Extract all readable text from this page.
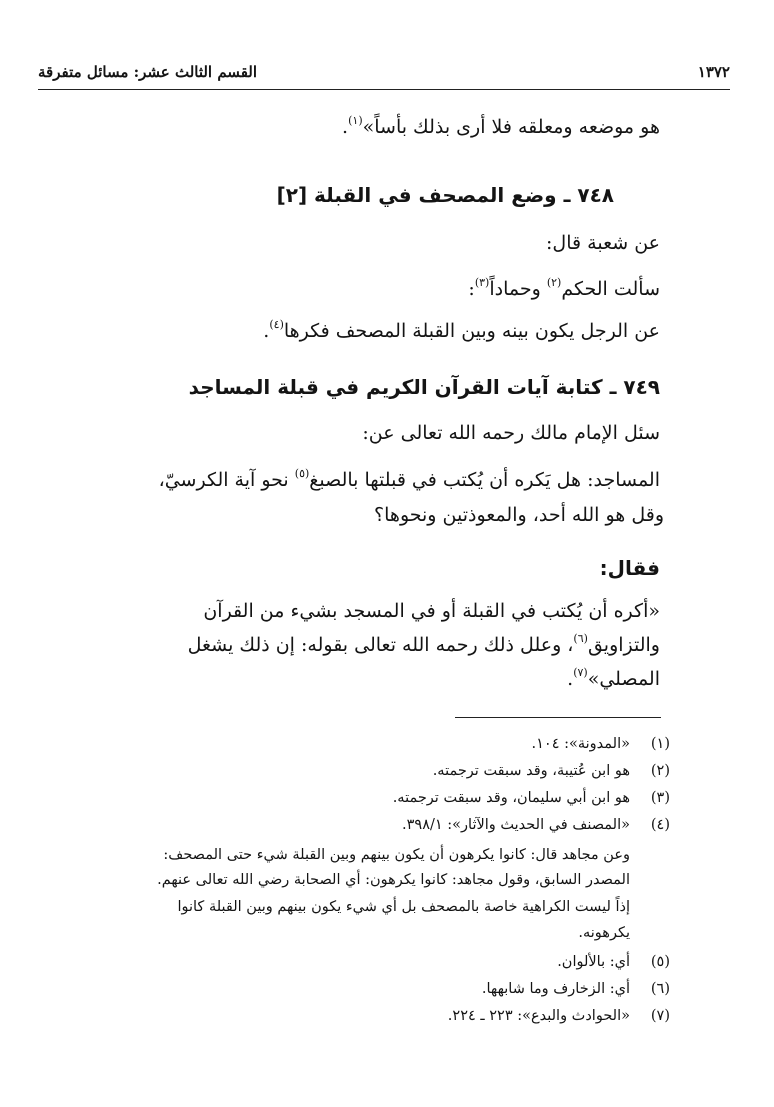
١٣٧٢
القسم الثالث عشر: مسائل متفرقة
هو موضعه ومعلقه فلا أرى بذلك بأساً»$^{(١)}$.
٧٤٨ ـ وضع المصحف في القبلة [٢]
عن شعبة قال:
سألت الحكم$^{(٢)}$ وحماداً$^{(٣)}$:
عن الرجل يكون بينه وبين القبلة المصحف فكرها$^{(٤)}$.
٧٤٩ ـ كتابة آيات القرآن الكريم في قبلة المساجد
سئل الإمام مالك رحمه الله تعالى عن:
المساجد: هل يَكره أن يُكتب في قبلتها بالصبغ$^{(٥)}$ نحو آية الكرسيّ،
وقل هو الله أحد، والمعوذتين ونحوها؟
فقال:
«أكره أن يُكتب في القبلة أو في المسجد بشيء من القرآن
والتزاويق$^{(٦)}$، وعلل ذلك رحمه الله تعالى بقوله: إن ذلك يشغل
المصلي»$^{(٧)}$.
(١)
«المدونة»: ١٠٤.
(٢)
هو ابن عُتيبة، وقد سبقت ترجمته.
(٣)
هو ابن أبي سليمان، وقد سبقت ترجمته.
(٤)
«المصنف في الحديث والآثار»: ٣٩٨/١.
وعن مجاهد قال: كانوا يكرهون أن يكون بينهم وبين القبلة شيء حتى المصحف:
المصدر السابق، وقول مجاهد: كانوا يكرهون: أي الصحابة رضي الله تعالى عنهم.
إذاً ليست الكراهية خاصة بالمصحف بل أي شيء يكون بينهم وبين القبلة كانوا
يكرهونه.
(٥)
أي: بالألوان.
(٦)
أي: الزخارف وما شابهها.
(٧)
«الحوادث والبدع»: ٢٢٣ ـ ٢٢٤.
